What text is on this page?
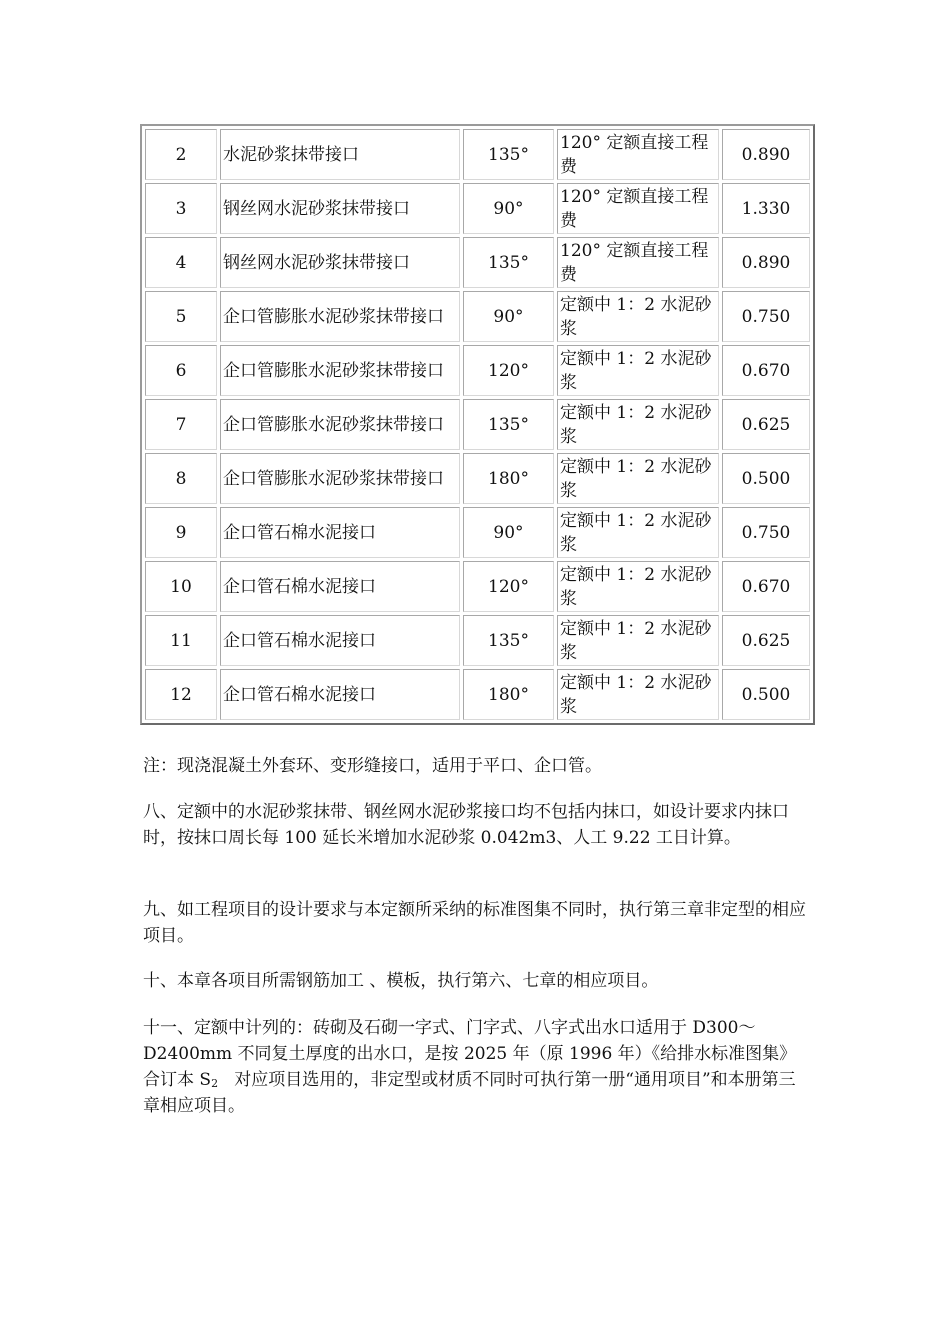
2	水泥砂浆抹带接口	135°	120° 定额直接工程费	0.890
3	钢丝网水泥砂浆抹带接口	90°	120° 定额直接工程费	1.330
4	钢丝网水泥砂浆抹带接口	135°	120° 定额直接工程费	0.890
5	企口管膨胀水泥砂浆抹带接口	90°	定额中 1：2 水泥砂浆	0.750
6	企口管膨胀水泥砂浆抹带接口	120°	定额中 1：2 水泥砂浆	0.670
7	企口管膨胀水泥砂浆抹带接口	135°	定额中 1：2 水泥砂浆	0.625
8	企口管膨胀水泥砂浆抹带接口	180°	定额中 1：2 水泥砂浆	0.500
9	企口管石棉水泥接口	90°	定额中 1：2 水泥砂浆	0.750
10	企口管石棉水泥接口	120°	定额中 1：2 水泥砂浆	0.670
11	企口管石棉水泥接口	135°	定额中 1：2 水泥砂浆	0.625
12	企口管石棉水泥接口	180°	定额中 1：2 水泥砂浆	0.500

注：现浇混凝土外套环、变形缝接口，适用于平口、企口管。

八、定额中的水泥砂浆抹带、钢丝网水泥砂浆接口均不包括内抹口，如设计要求内抹口时，按抹口周长每 100 延长米增加水泥砂浆 0.042m3、人工 9.22 工日计算。

九、如工程项目的设计要求与本定额所采纳的标准图集不同时，执行第三章非定型的相应项目。

十、本章各项目所需钢筋加工 、模板，执行第六、七章的相应项目。

十一、定额中计列的：砖砌及石砌一字式、门字式、八字式出水口适用于 D300～D2400mm 不同复土厚度的出水口，是按 2025 年（原 1996 年）《给排水标准图集》合订本 $S_2$ 对应项目选用的，非定型或材质不同时可执行第一册“通用项目”和本册第三章相应项目。
